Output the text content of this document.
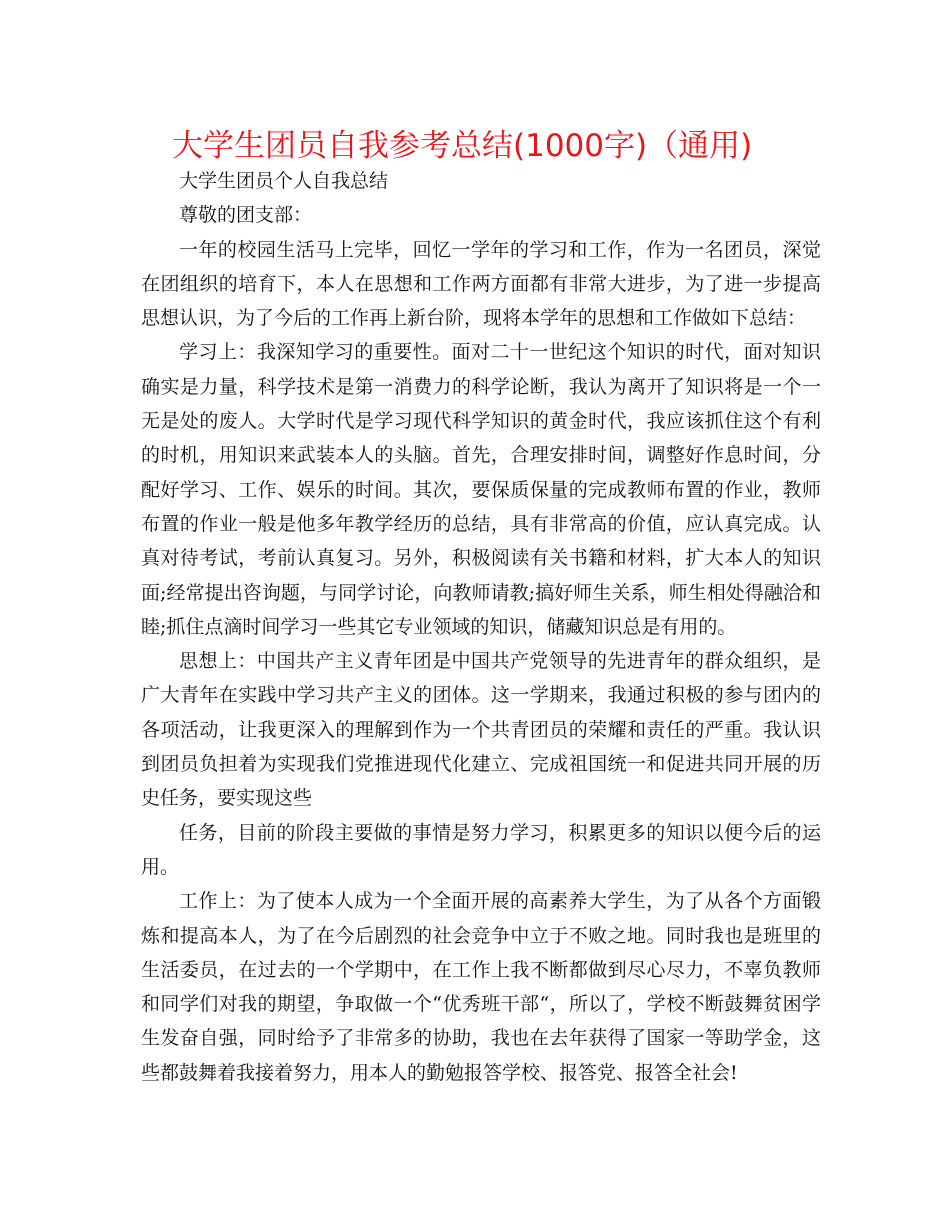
大学生团员自我参考总结(1000字)（通用)

大学生团员个人自我总结

尊敬的团支部：

一年的校园生活马上完毕，回忆一学年的学习和工作，作为一名团员，深觉在团组织的培育下，本人在思想和工作两方面都有非常大进步，为了进一步提高思想认识，为了今后的工作再上新台阶，现将本学年的思想和工作做如下总结：

学习上：我深知学习的重要性。面对二十一世纪这个知识的时代，面对知识确实是力量，科学技术是第一消费力的科学论断，我认为离开了知识将是一个一无是处的废人。大学时代是学习现代科学知识的黄金时代，我应该抓住这个有利的时机，用知识来武装本人的头脑。首先，合理安排时间，调整好作息时间，分配好学习、工作、娱乐的时间。其次，要保质保量的完成教师布置的作业，教师布置的作业一般是他多年教学经历的总结，具有非常高的价值，应认真完成。认真对待考试，考前认真复习。另外，积极阅读有关书籍和材料，扩大本人的知识面;经常提出咨询题，与同学讨论，向教师请教;搞好师生关系，师生相处得融洽和睦;抓住点滴时间学习一些其它专业领域的知识，储藏知识总是有用的。

思想上：中国共产主义青年团是中国共产党领导的先进青年的群众组织，是广大青年在实践中学习共产主义的团体。这一学期来，我通过积极的参与团内的各项活动，让我更深入的理解到作为一个共青团员的荣耀和责任的严重。我认识到团员负担着为实现我们党推进现代化建立、完成祖国统一和促进共同开展的历史任务，要实现这些

任务，目前的阶段主要做的事情是努力学习，积累更多的知识以便今后的运用。

工作上：为了使本人成为一个全面开展的高素养大学生，为了从各个方面锻炼和提高本人，为了在今后剧烈的社会竞争中立于不败之地。同时我也是班里的生活委员，在过去的一个学期中，在工作上我不断都做到尽心尽力，不辜负教师和同学们对我的期望，争取做一个“优秀班干部“，所以了，学校不断鼓舞贫困学生发奋自强，同时给予了非常多的协助，我也在去年获得了国家一等助学金，这些都鼓舞着我接着努力，用本人的勤勉报答学校、报答党、报答全社会!
